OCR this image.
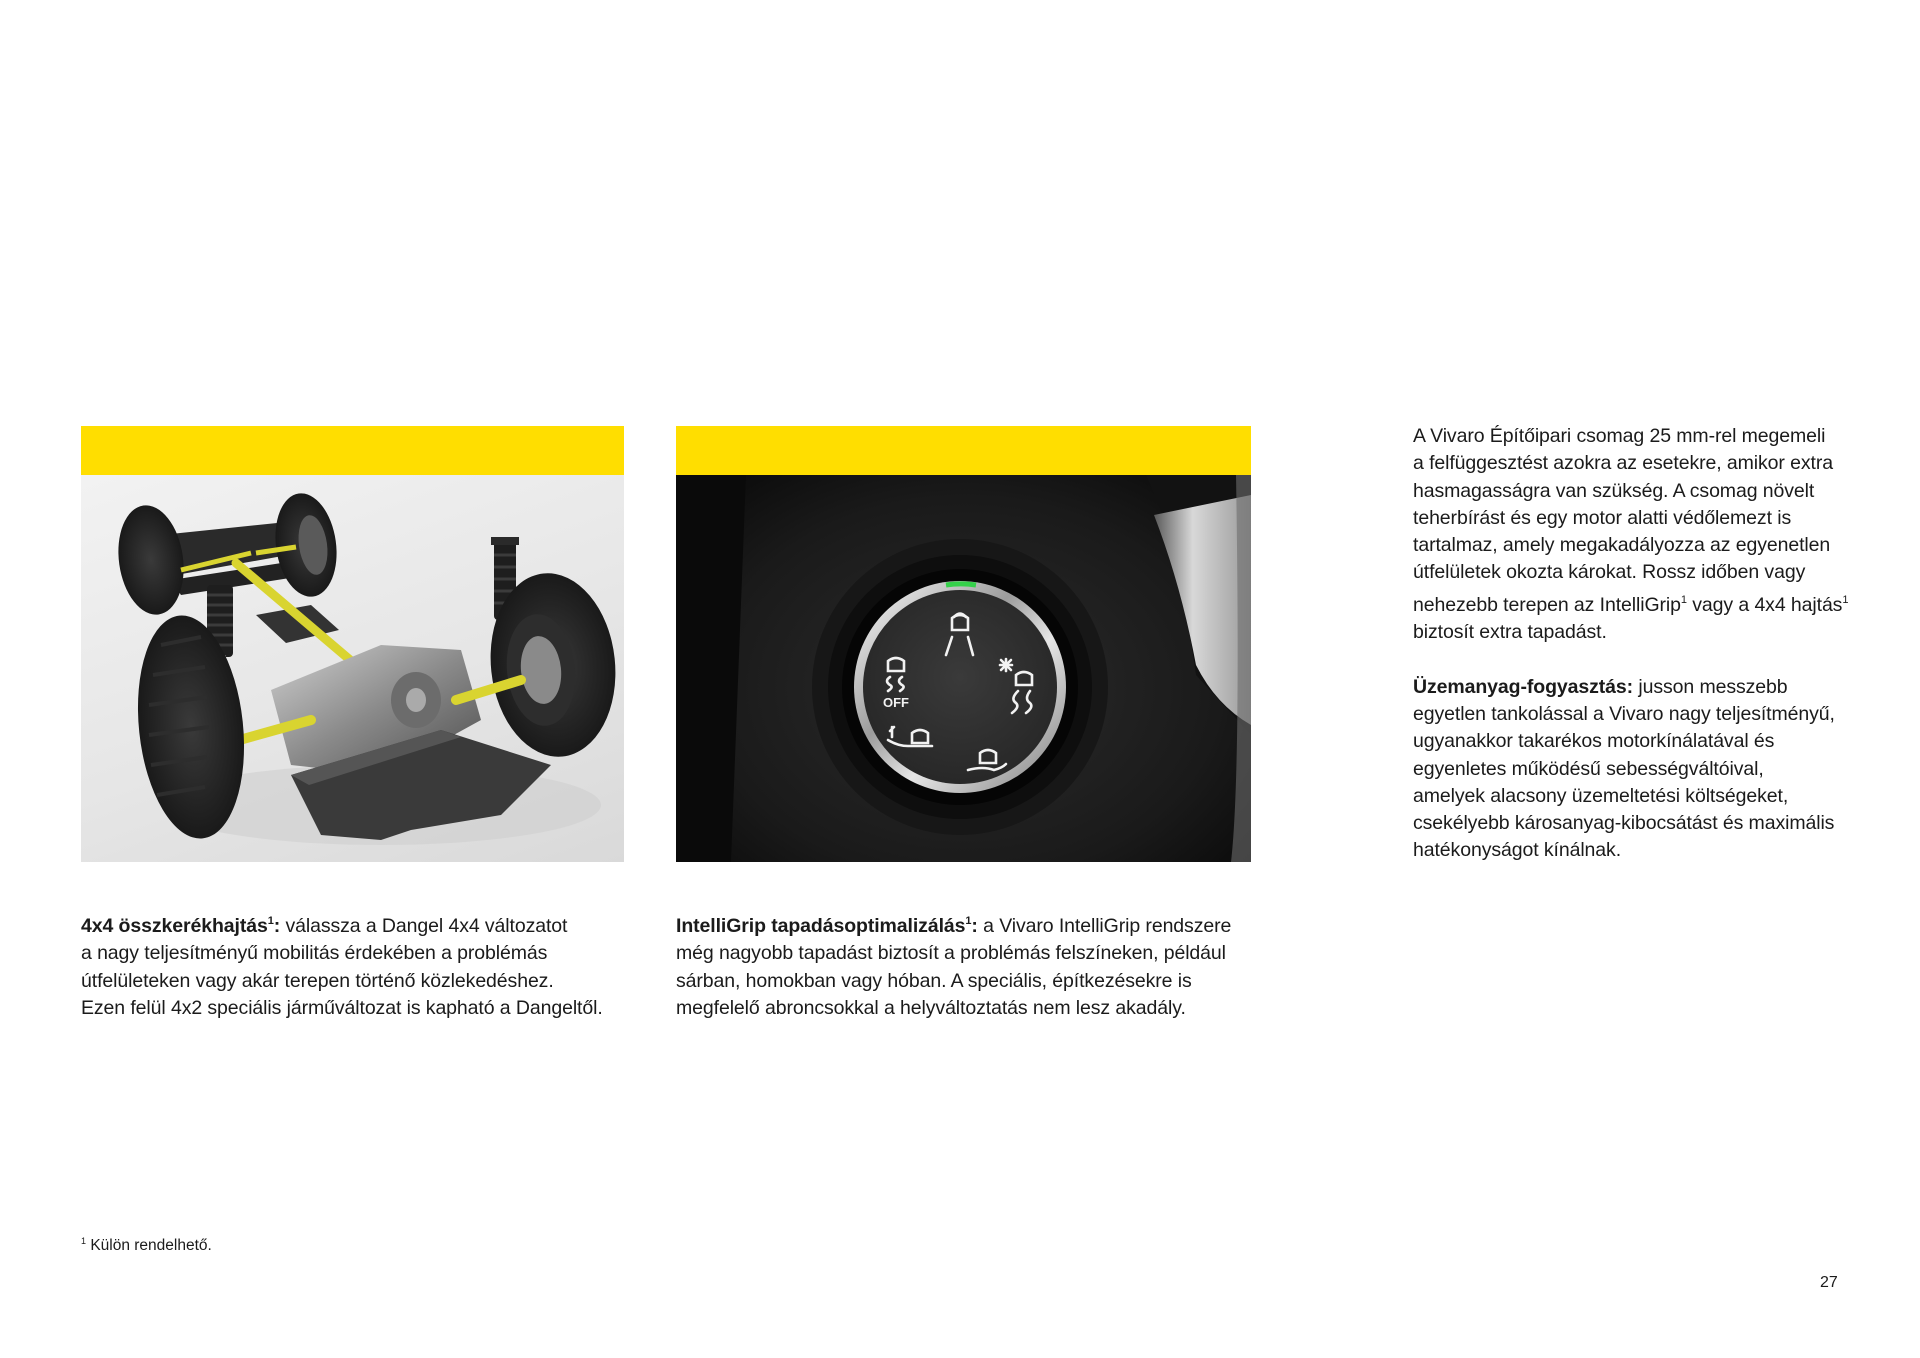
OFF
4x4 összkerékhajtás$^1$: válassza a Dangel 4x4 változatot
a nagy teljesítményű mobilitás érdekében a problémás
útfelületeken vagy akár terepen történő közlekedéshez.
Ezen felül 4x2 speciális járműváltozat is kapható a Dangeltől.
IntelliGrip tapadásoptimalizálás$^1$: a Vivaro IntelliGrip rendszere
még nagyobb tapadást biztosít a problémás felszíneken, például
sárban, homokban vagy hóban. A speciális, építkezésekre is
megfelelő abroncsokkal a helyváltoztatás nem lesz akadály.
A Vivaro Építőipari csomag 25 mm-rel megemeli
a felfüggesztést azokra az esetekre, amikor extra
hasmagasságra van szükség. A csomag növelt
teherbírást és egy motor alatti védőlemezt is
tartalmaz, amely megakadályozza az egyenetlen
útfelületek okozta károkat. Rossz időben vagy
nehezebb terepen az IntelliGrip$^1$ vagy a 4x4 hajtás$^1$
biztosít extra tapadást.
Üzemanyag-fogyasztás: jusson messzebb
egyetlen tankolással a Vivaro nagy teljesítményű,
ugyanakkor takarékos motorkínálatával és
egyenletes működésű sebességváltóival,
amelyek alacsony üzemeltetési költségeket,
csekélyebb károsanyag-kibocsátást és maximális
hatékonyságot kínálnak.
$^1$ Külön rendelhető.
27
